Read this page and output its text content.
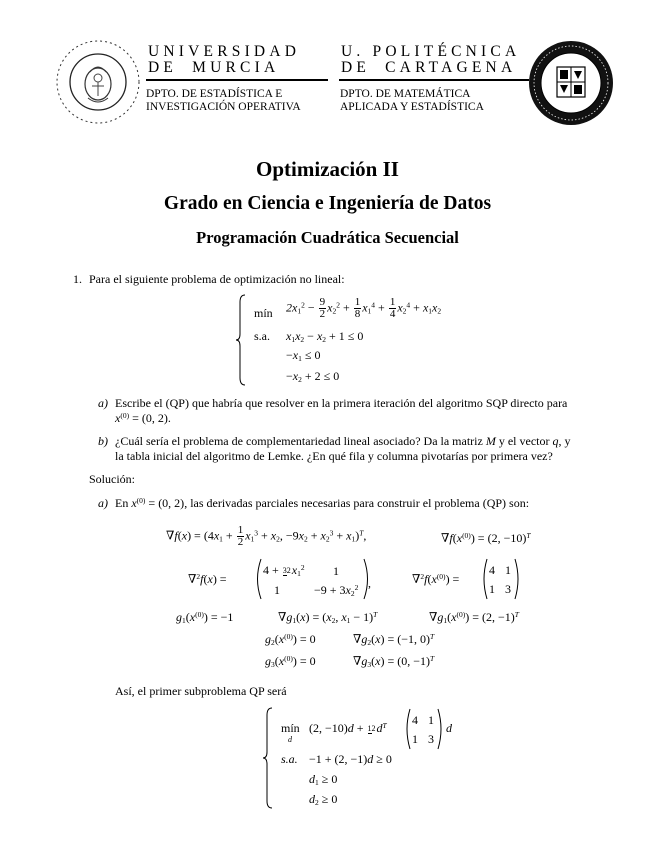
UNIVERSIDAD
DE MURCIA
DPTO. DE ESTADÍSTICA E
INVESTIGACIÓN OPERATIVA
U. POLITÉCNICA
DE CARTAGENA
DPTO. DE MATEMÁTICA
APLICADA Y ESTADÍSTICA
Optimización II
Grado en Ciencia e Ingeniería de Datos
Programación Cuadrática Secuencial
1. Para el siguiente problema de optimización no lineal:
mín $2x_1^2 - \frac{9}{2} x_2^2 + \frac{1}{8} x_1^4 + \frac{1}{4} x_2^4 + x_1x_2$
s.a. $x_1x_2 - x_2 + 1 \le 0$
$-x_1 \le 0$
$-x_2 + 2 \le 0$
a) Escribe el (QP) que habría que resolver en la primera iteración del algoritmo SQP directo para
$x^{(0)} = (0$, 2).
b) ¿Cuál sería el problema de complementariedad lineal asociado? Da la matriz M y el vector q, y
la tabla inicial del algoritmo de Lemke. ¿En qué fila y columna pivotarías por primera vez?
Solución:
a) En $x^{(0)} = (0$, 2), las derivadas parciales necesarias para construir el problema (QP) son:
$\nabla f(x) = (4x_1 + \frac{1}{2} x_1^3 + x_2$, $-9x_2 + x_2^3 + x_1)^T$,	$\nabla f(x^{(0)}) = (2$, −10)$^T$
∇$^2$f(x) =
$4 + 32x_1^2$ 1
1	$-9 + 3x_2^2$ ,	$\nabla^2f(x^{(0)})$ =
4 1
1 3
$g_1(x^{(0)}) = -1$	$\nabla g_1(x) = (x_2$, $x_1 - 1)^T$	$\nabla g_1(x^{(0)}) = (2$, −1)$^T$
$g_2(x^{(0)}) = 0$	$\nabla g_2(x) = (-1$, 0)$^T$
$g_3(x^{(0)}) = 0$	$\nabla g_3(x) = (0$, −1)$^T$
Así, el primer subproblema QP será
mín
d
(2, $-10)d + 12d^T$ 4 1
1 3
d
s.a. −1 + (2, −1)d ≥ 0
$d_1 \ge 0$
$d_2 \ge 0$
